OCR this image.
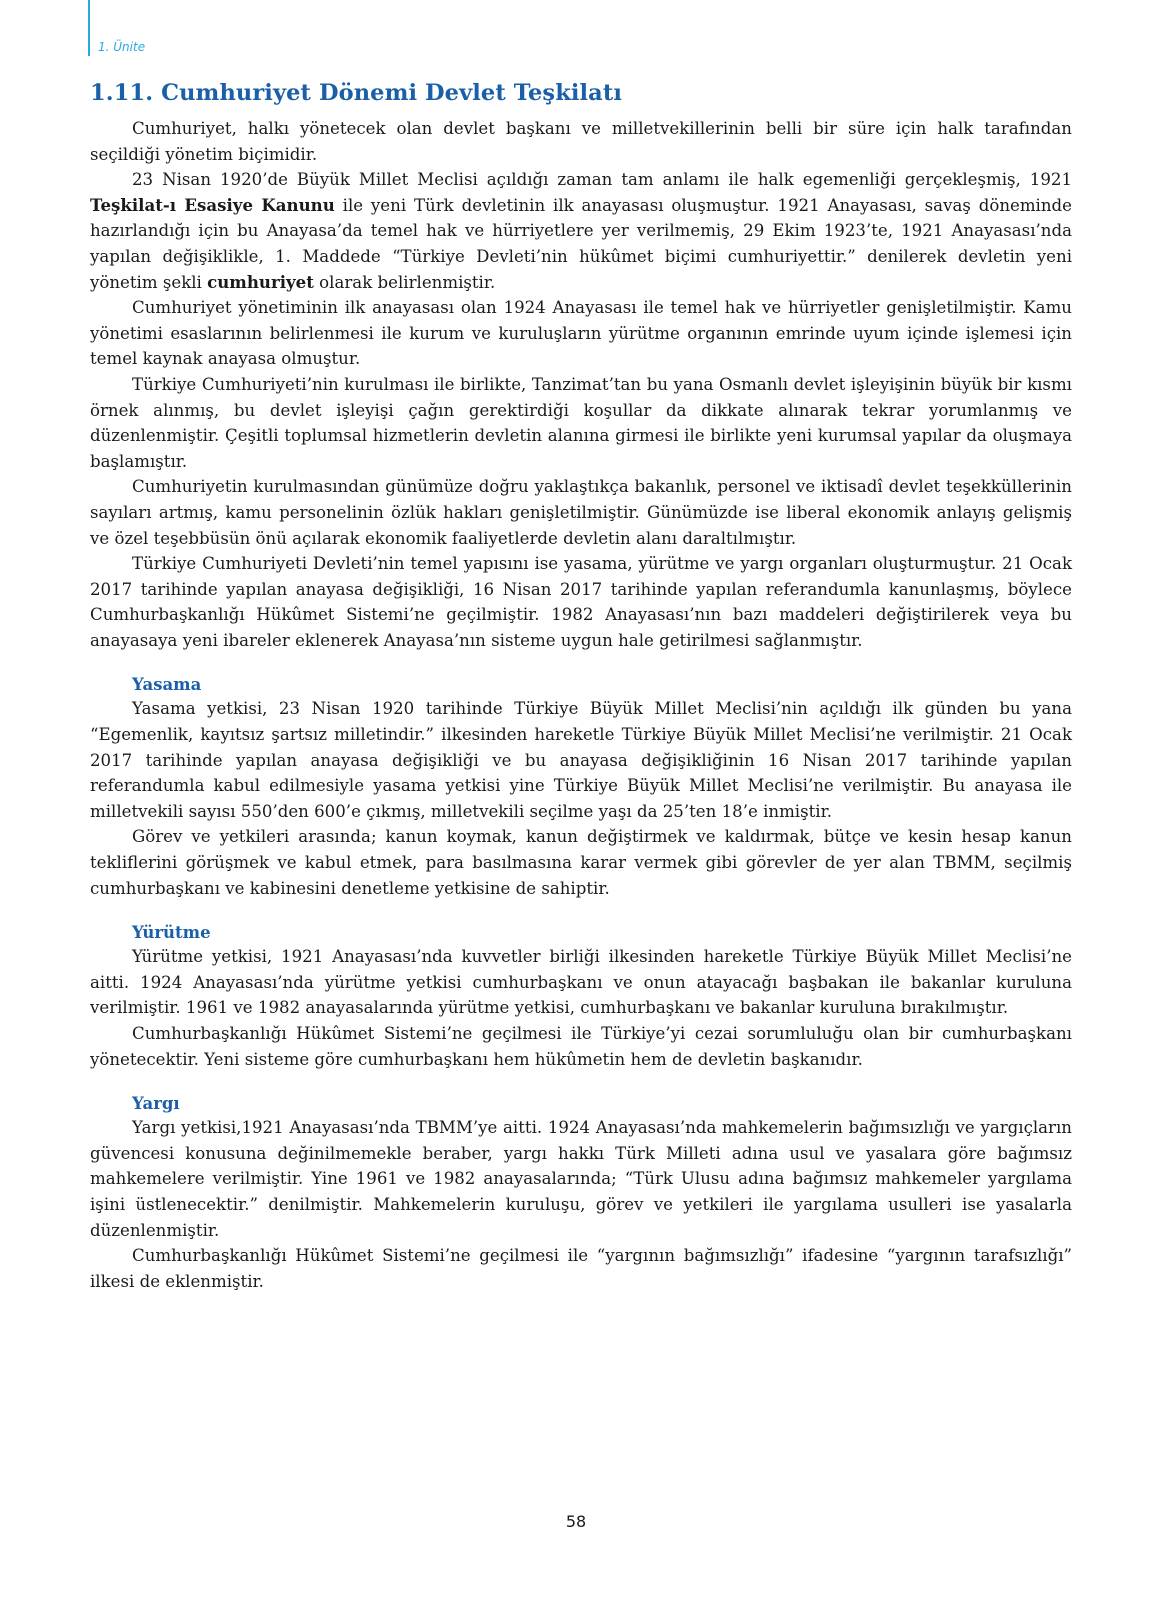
1. Ünite
1.11. Cumhuriyet Dönemi Devlet Teşkilatı

Cumhuriyet, halkı yönetecek olan devlet başkanı ve milletvekillerinin belli bir süre için halk tarafından seçildiği yönetim biçimidir.

23 Nisan 1920’de Büyük Millet Meclisi açıldığı zaman tam anlamı ile halk egemenliği gerçekleşmiş, 1921 Teşkilat-ı Esasiye Kanunu ile yeni Türk devletinin ilk anayasası oluşmuştur. 1921 Anayasası, savaş döneminde hazırlandığı için bu Anayasa’da temel hak ve hürriyetlere yer verilmemiş, 29 Ekim 1923’te, 1921 Anayasası’nda yapılan değişiklikle, 1. Maddede “Türkiye Devleti’nin hükûmet biçimi cumhuriyettir.” denilerek devletin yeni yönetim şekli cumhuriyet olarak belirlenmiştir.

Cumhuriyet yönetiminin ilk anayasası olan 1924 Anayasası ile temel hak ve hürriyetler genişletilmiştir. Kamu yönetimi esaslarının belirlenmesi ile kurum ve kuruluşların yürütme organının emrinde uyum içinde işlemesi için temel kaynak anayasa olmuştur.

Türkiye Cumhuriyeti’nin kurulması ile birlikte, Tanzimat’tan bu yana Osmanlı devlet işleyişinin büyük bir kısmı örnek alınmış, bu devlet işleyişi çağın gerektirdiği koşullar da dikkate alınarak tekrar yorumlanmış ve düzenlenmiştir. Çeşitli toplumsal hizmetlerin devletin alanına girmesi ile birlikte yeni kurumsal yapılar da oluşmaya başlamıştır.

Cumhuriyetin kurulmasından günümüze doğru yaklaştıkça bakanlık, personel ve iktisadî devlet teşekküllerinin sayıları artmış, kamu personelinin özlük hakları genişletilmiştir. Günümüzde ise liberal ekonomik anlayış gelişmiş ve özel teşebbüsün önü açılarak ekonomik faaliyetlerde devletin alanı daraltılmıştır.

Türkiye Cumhuriyeti Devleti’nin temel yapısını ise yasama, yürütme ve yargı organları oluşturmuştur. 21 Ocak 2017 tarihinde yapılan anayasa değişikliği, 16 Nisan 2017 tarihinde yapılan referandumla kanunlaşmış, böylece Cumhurbaşkanlığı Hükûmet Sistemi’ne geçilmiştir. 1982 Anayasası’nın bazı maddeleri değiştirilerek veya bu anayasaya yeni ibareler eklenerek Anayasa’nın sisteme uygun hale getirilmesi sağlanmıştır.

Yasama

Yasama yetkisi, 23 Nisan 1920 tarihinde Türkiye Büyük Millet Meclisi’nin açıldığı ilk günden bu yana “Egemenlik, kayıtsız şartsız milletindir.” ilkesinden hareketle Türkiye Büyük Millet Meclisi’ne verilmiştir. 21 Ocak 2017 tarihinde yapılan anayasa değişikliği ve bu anayasa değişikliğinin 16 Nisan 2017 tarihinde yapılan referandumla kabul edilmesiyle yasama yetkisi yine Türkiye Büyük Millet Meclisi’ne verilmiştir. Bu anayasa ile milletvekili sayısı 550’den 600’e çıkmış, milletvekili seçilme yaşı da 25’ten 18’e inmiştir.

Görev ve yetkileri arasında; kanun koymak, kanun değiştirmek ve kaldırmak, bütçe ve kesin hesap kanun tekliflerini görüşmek ve kabul etmek, para basılmasına karar vermek gibi görevler de yer alan TBMM, seçilmiş cumhurbaşkanı ve kabinesini denetleme yetkisine de sahiptir.

Yürütme

Yürütme yetkisi, 1921 Anayasası’nda kuvvetler birliği ilkesinden hareketle Türkiye Büyük Millet Meclisi’ne aitti. 1924 Anayasası’nda yürütme yetkisi cumhurbaşkanı ve onun atayacağı başbakan ile bakanlar kuruluna verilmiştir. 1961 ve 1982 anayasalarında yürütme yetkisi, cumhurbaşkanı ve bakanlar kuruluna bırakılmıştır.

Cumhurbaşkanlığı Hükûmet Sistemi’ne geçilmesi ile Türkiye’yi cezai sorumluluğu olan bir cumhurbaşkanı yönetecektir. Yeni sisteme göre cumhurbaşkanı hem hükûmetin hem de devletin başkanıdır.

Yargı

Yargı yetkisi,1921 Anayasası’nda TBMM’ye aitti. 1924 Anayasası’nda mahkemelerin bağımsızlığı ve yargıçların güvencesi konusuna değinilmemekle beraber, yargı hakkı Türk Milleti adına usul ve yasalara göre bağımsız mahkemelere verilmiştir. Yine 1961 ve 1982 anayasalarında; “Türk Ulusu adına bağımsız mahkemeler yargılama işini üstlenecektir.” denilmiştir. Mahkemelerin kuruluşu, görev ve yetkileri ile yargılama usulleri ise yasalarla düzenlenmiştir.

Cumhurbaşkanlığı Hükûmet Sistemi’ne geçilmesi ile “yargının bağımsızlığı” ifadesine “yargının tarafsızlığı” ilkesi de eklenmiştir.

58
